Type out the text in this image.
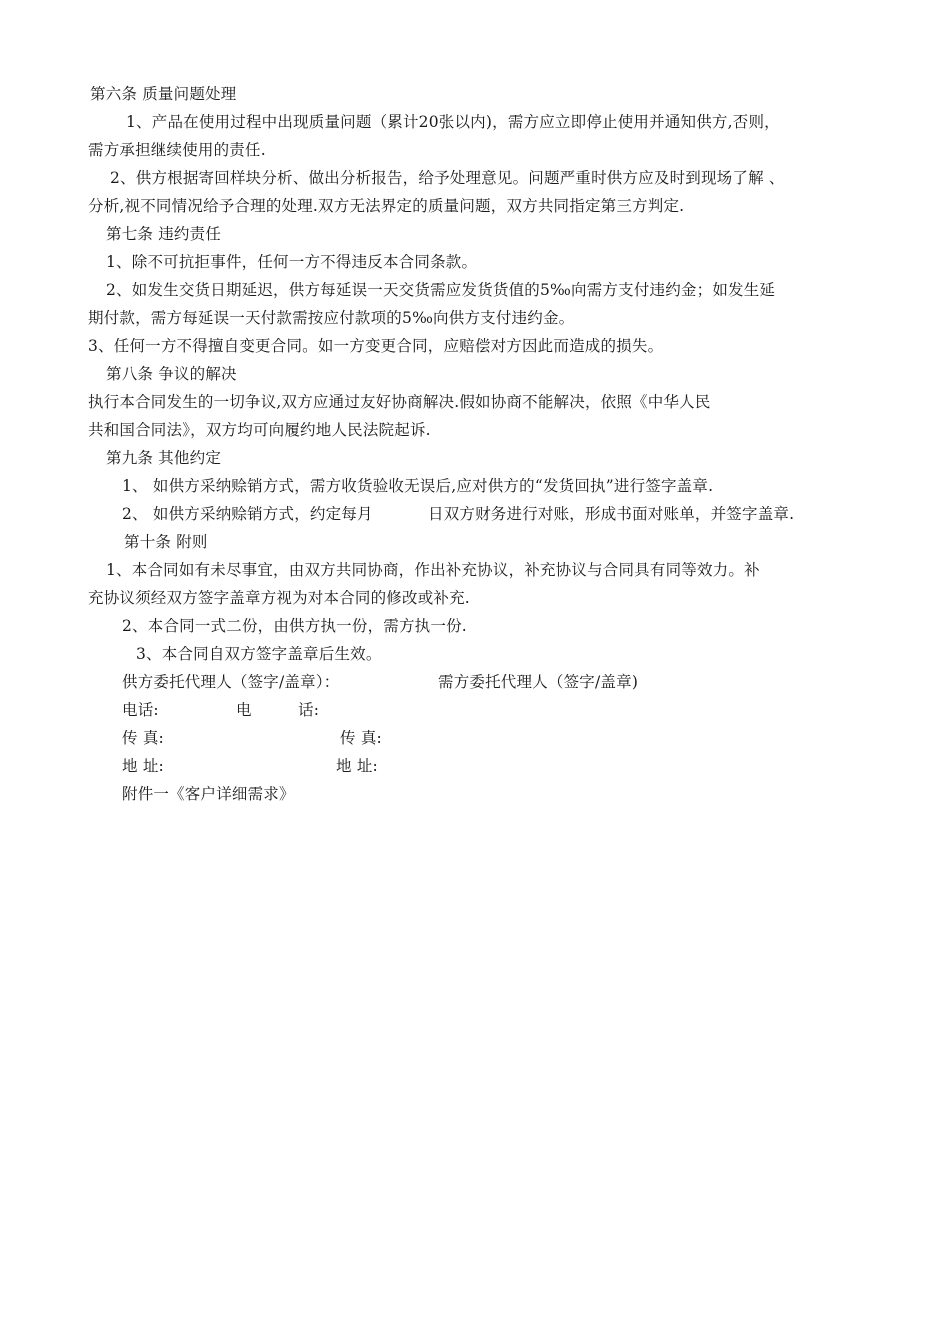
第六条 质量问题处理
1、产品在使用过程中出现质量问题（累计20张以内)，需方应立即停止使用并通知供方,否则，
需方承担继续使用的责任.
2、供方根据寄回样块分析、做出分析报告，给予处理意见。问题严重时供方应及时到现场了解 、
分析,视不同情况给予合理的处理.双方无法界定的质量问题，双方共同指定第三方判定.
第七条 违约责任
1、除不可抗拒事件，任何一方不得违反本合同条款。
2、如发生交货日期延迟，供方每延误一天交货需应发货货值的5‰向需方支付违约金；如发生延
期付款，需方每延误一天付款需按应付款项的5‰向供方支付违约金。
3、任何一方不得擅自变更合同。如一方变更合同，应赔偿对方因此而造成的损失。
第八条 争议的解决
执行本合同发生的一切争议,双方应通过友好协商解决.假如协商不能解决，依照《中华人民
共和国合同法》，双方均可向履约地人民法院起诉.
第九条 其他约定
1、 如供方采纳赊销方式，需方收货验收无误后,应对供方的“发货回执”进行签字盖章.
2、 如供方采纳赊销方式，约定每月	日双方财务进行对账，形成书面对账单，并签字盖章.
第十条 附则
1、本合同如有未尽事宜，由双方共同协商，作出补充协议，补充协议与合同具有同等效力。补
充协议须经双方签字盖章方视为对本合同的修改或补充.
2、本合同一式二份，由供方执一份，需方执一份.
3、本合同自双方签字盖章后生效。
供方委托代理人（签字/盖章）：	需方委托代理人（签字/盖章)
电话:	电	话:
传 真:	传 真:
地 址:	地 址:
附件一《客户详细需求》
